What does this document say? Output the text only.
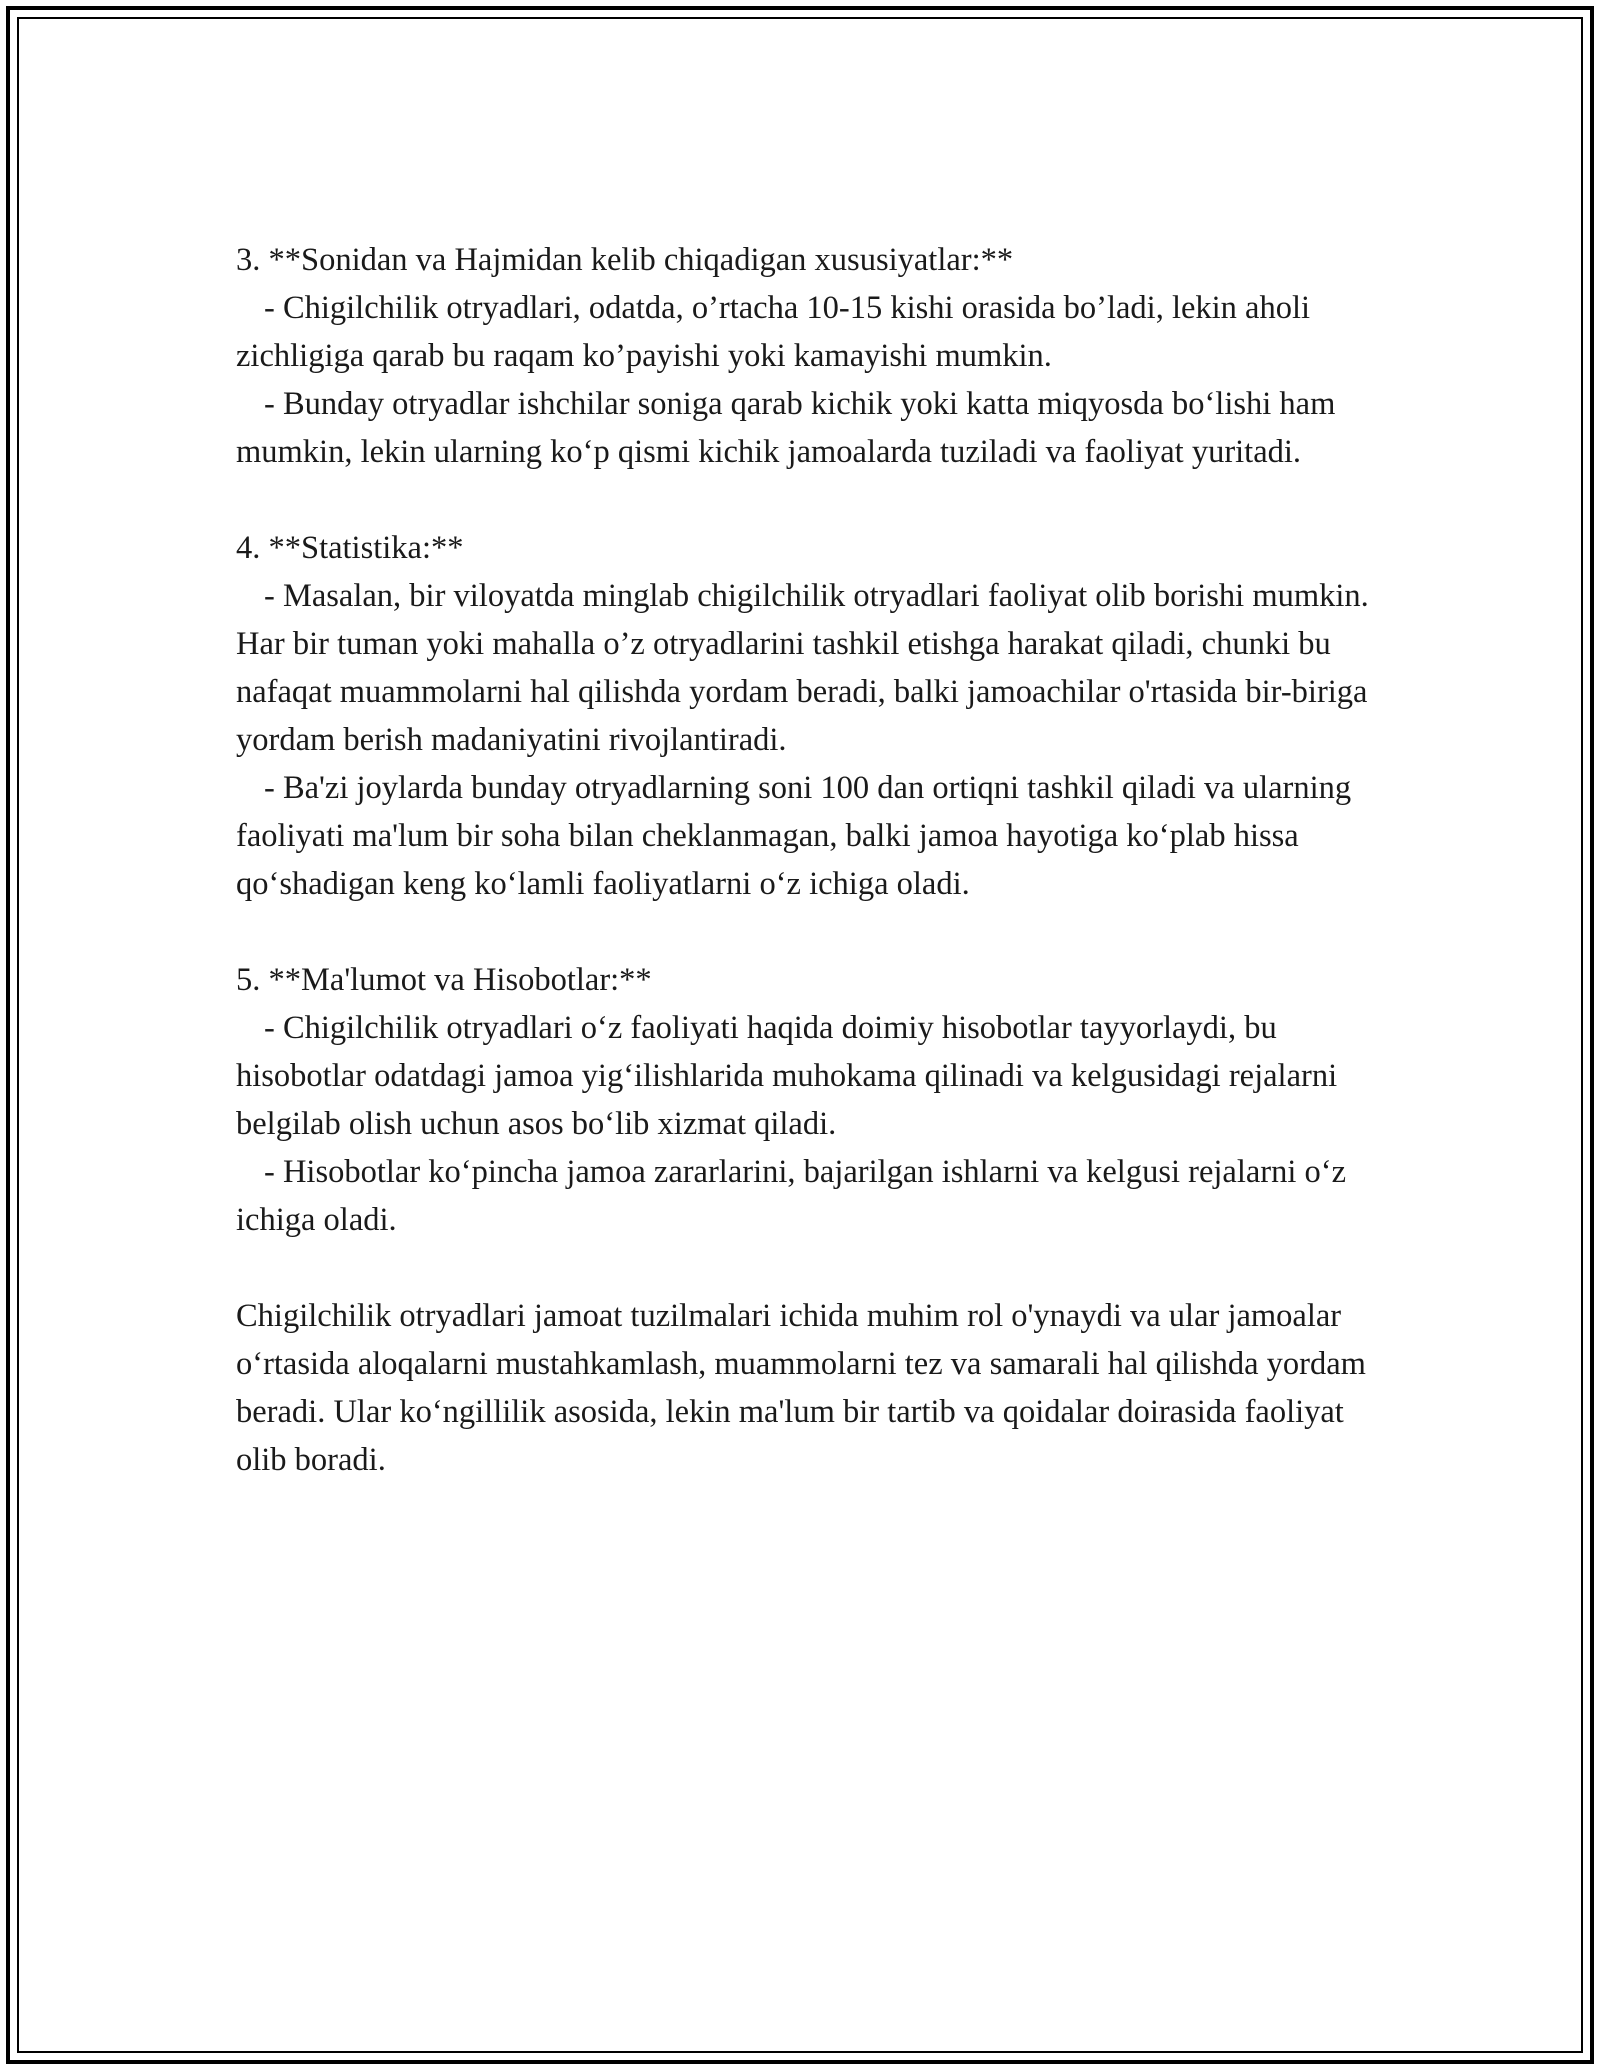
3. **Sonidan va Hajmidan kelib chiqadigan xususiyatlar:**
- Chigilchilik otryadlari, odatda, o’rtacha 10-15 kishi orasida bo’ladi, lekin aholi zichligiga qarab bu raqam ko’payishi yoki kamayishi mumkin.
- Bunday otryadlar ishchilar soniga qarab kichik yoki katta miqyosda bo‘lishi ham mumkin, lekin ularning ko‘p qismi kichik jamoalarda tuziladi va faoliyat yuritadi.
4. **Statistika:**
- Masalan, bir viloyatda minglab chigilchilik otryadlari faoliyat olib borishi mumkin. Har bir tuman yoki mahalla o’z otryadlarini tashkil etishga harakat qiladi, chunki bu nafaqat muammolarni hal qilishda yordam beradi, balki jamoachilar o'rtasida bir-biriga yordam berish madaniyatini rivojlantiradi.
- Ba'zi joylarda bunday otryadlarning soni 100 dan ortiqni tashkil qiladi va ularning faoliyati ma'lum bir soha bilan cheklanmagan, balki jamoa hayotiga ko‘plab hissa qo‘shadigan keng ko‘lamli faoliyatlarni o‘z ichiga oladi.
5. **Ma'lumot va Hisobotlar:**
- Chigilchilik otryadlari o‘z faoliyati haqida doimiy hisobotlar tayyorlaydi, bu hisobotlar odatdagi jamoa yig‘ilishlarida muhokama qilinadi va kelgusidagi rejalarni belgilab olish uchun asos bo‘lib xizmat qiladi.
- Hisobotlar ko‘pincha jamoa zararlarini, bajarilgan ishlarni va kelgusi rejalarni o‘z ichiga oladi.
Chigilchilik otryadlari jamoat tuzilmalari ichida muhim rol o'ynaydi va ular jamoalar o‘rtasida aloqalarni mustahkamlash, muammolarni tez va samarali hal qilishda yordam beradi. Ular ko‘ngillilik asosida, lekin ma'lum bir tartib va qoidalar doirasida faoliyat olib boradi.
